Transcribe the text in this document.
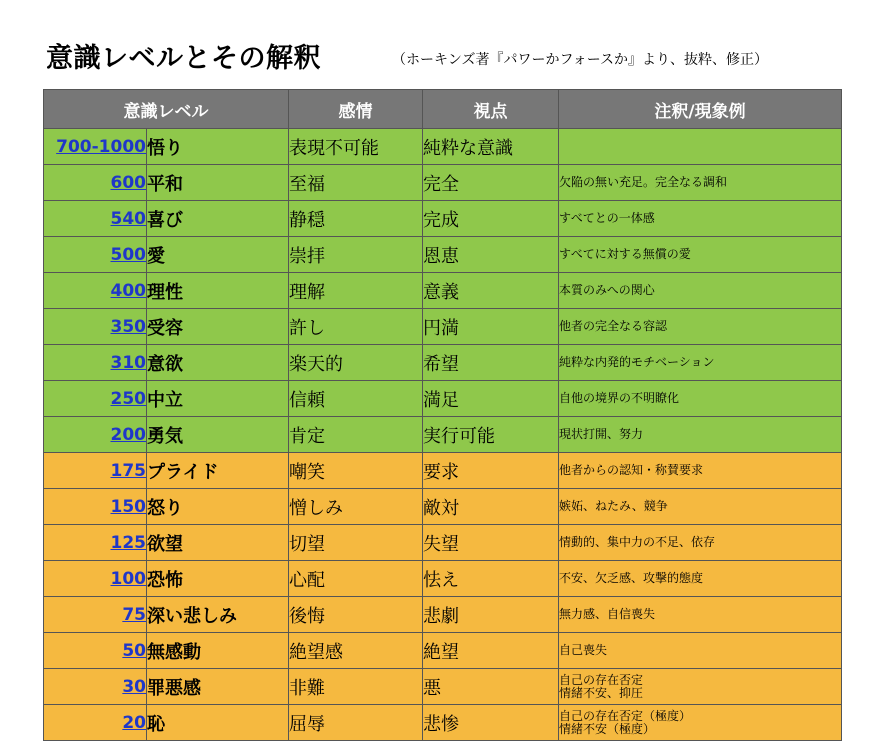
意識レベルとその解釈	（ホーキンズ著『パワーかフォースか』より、抜粋、修正）
意識レベル		感情	視点	注釈/現象例
700-1000	悟り	表現不可能	純粋な意識	

600	平和	至福	完全	欠陥の無い充足。完全なる調和

540	喜び	静穏	完成	すべてとの一体感

500	愛	崇拝	恩恵	すべてに対する無償の愛

400	理性	理解	意義	本質のみへの関心

350	受容	許し	円満	他者の完全なる容認

310	意欲	楽天的	希望	純粋な内発的モチベーション

250	中立	信頼	満足	自他の境界の不明瞭化

200	勇気	肯定	実行可能	現状打開、努力

175	プライド	嘲笑	要求	他者からの認知・称賛要求

150	怒り	憎しみ	敵対	嫉妬、ねたみ、競争

125	欲望	切望	失望	情動的、集中力の不足、依存

100	恐怖	心配	怯え	不安、欠乏感、攻撃的態度

75	深い悲しみ	後悔	悲劇	無力感、自信喪失

50	無感動	絶望感	絶望	自己喪失

30	罪悪感	非難	悪	自己の存在否定
情緒不安、抑圧

20	恥	屈辱	悲惨	自己の存在否定（極度）
情緒不安（極度）
